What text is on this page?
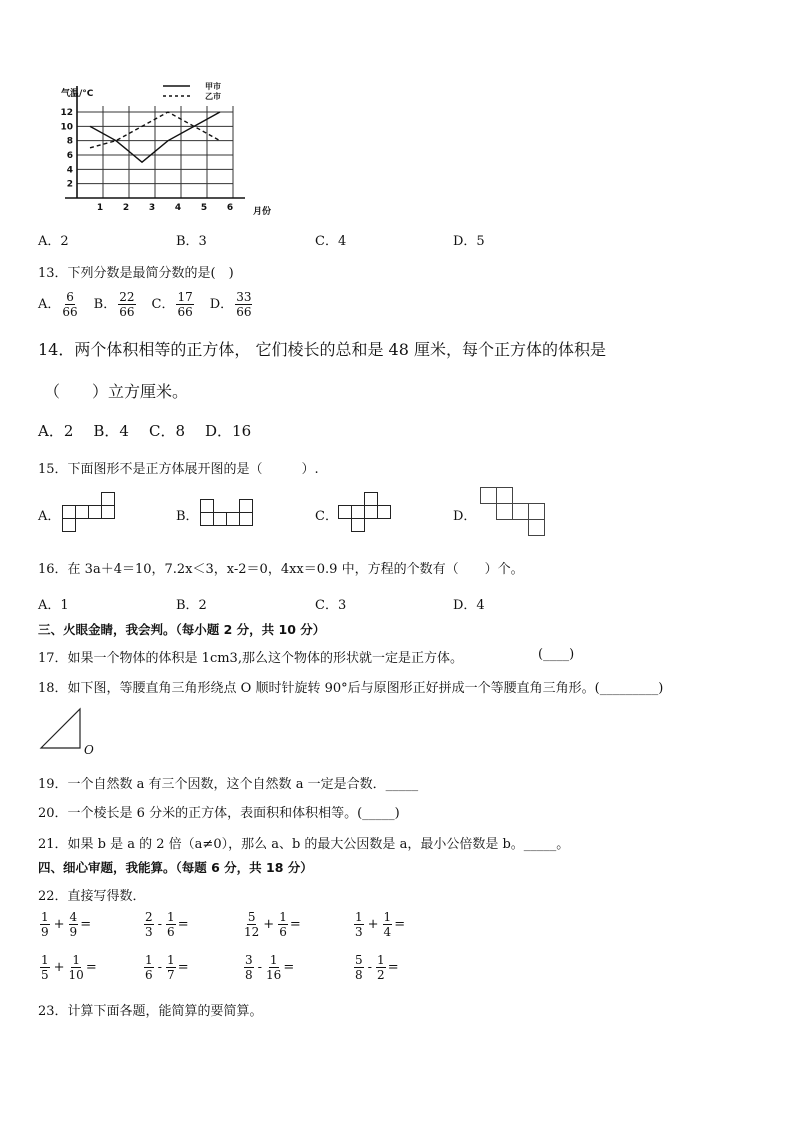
气温/°C
月份
12
10
8
6
4
2
1 2 3 4 5 6
甲市
乙市
A．2	B．3	C．4	D．5
13．下列分数是最简分数的是(　)
A． $\frac{6}{66}$ B． $\frac{22}{66}$ C． $\frac{17}{66}$ D． $\frac{33}{66}$
14．两个体积相等的正方体， 它们棱长的总和是 48 厘米，每个正方体的体积是
（　　）立方厘米。
A．2 B．4 C．8 D．16
15．下面图形不是正方体展开图的是（　　　）.
A．	B．	C．	D．
16．在 3a＋4＝10，7.2x＜3，x-2＝0，4xx＝0.9 中，方程的个数有（　　）个。
A．1	B．2	C．3	D．4
三、火眼金睛，我会判。（每小题 2 分，共 10 分）
17．如果一个物体的体积是 1cm3,那么这个物体的形状就一定是正方体。	(____)
18．如下图，等腰直角三角形绕点 O 顺时针旋转 90°后与原图形正好拼成一个等腰直角三角形。(_________)
O
19．一个自然数 a 有三个因数，这个自然数 a 一定是合数．_____
20．一个棱长是 6 分米的正方体，表面积和体积相等。(_____)
21．如果 b 是 a 的 2 倍（a≠0），那么 a、b 的最大公因数是 a，最小公倍数是 b。_____。
四、细心审题，我能算。（每题 6 分，共 18 分）
22．直接写得数．
$\frac{1}{9} + \frac{4}{9}$ =	$\frac{2}{3} - \frac{1}{6}$ =	$\frac{5}{12} + \frac{1}{6}$ =	$\frac{1}{3} + \frac{1}{4}$ =
$\frac{1}{5} + \frac{1}{10}$ =	$\frac{1}{6} - \frac{1}{7}$ =	$\frac{3}{8} - \frac{1}{16}$ =	$\frac{5}{8} - \frac{1}{2}$ =
23．计算下面各题，能简算的要简算。
